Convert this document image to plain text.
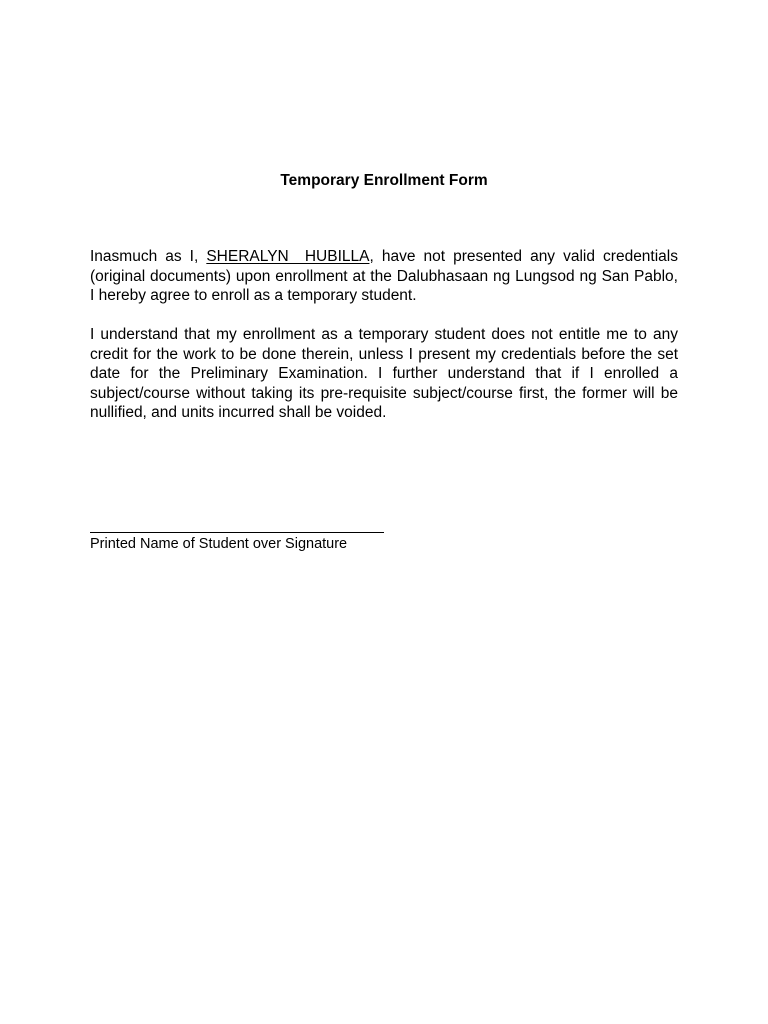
Temporary Enrollment Form
Inasmuch as I, SHERALYN  HUBILLA, have not presented any valid credentials (original documents) upon enrollment at the Dalubhasaan ng Lungsod ng San Pablo, I hereby agree to enroll as a temporary student.
I understand that my enrollment as a temporary student does not entitle me to any credit for the work to be done therein, unless I present my credentials before the set date for the Preliminary Examination. I further understand that if I enrolled a subject/course without taking its pre-requisite subject/course first, the former will be nullified, and units incurred shall be voided.
Printed Name of Student over Signature
